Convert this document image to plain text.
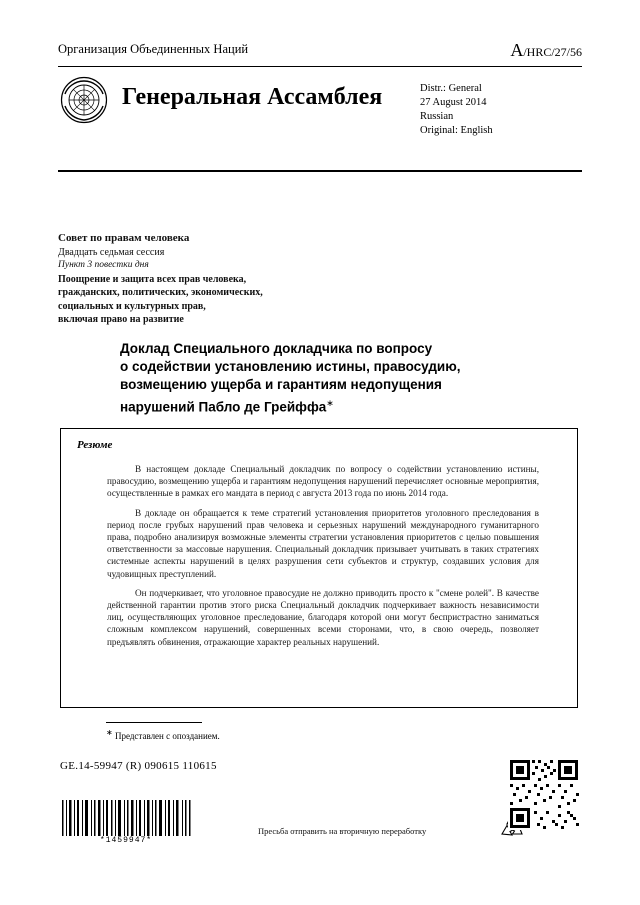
Организация Объединенных Наций	A/HRC/27/56
Генеральная Ассамблея	Distr.: General
27 August 2014
Russian
Original: English
Совет по правам человека
Двадцать седьмая сессия
Пункт 3 повестки дня
Поощрение и защита всех прав человека,
гражданских, политических, экономических,
социальных и культурных прав,
включая право на развитие
Доклад Специального докладчика по вопросу
о содействии установлению истины, правосудию,
возмещению ущерба и гарантиям недопущения
нарушений Пабло де Грейффа∗
Резюме

В настоящем докладе Специальный докладчик по вопросу о содействии установлению истины, правосудию, возмещению ущерба и гарантиям недопущения нарушений перечисляет основные мероприятия, осуществленные в рамках его мандата в период с августа 2013 года по июнь 2014 года.

В докладе он обращается к теме стратегий установления приоритетов уголовного преследования в период после грубых нарушений прав человека и серьезных нарушений международного гуманитарного права, подробно анализируя возможные элементы стратегии установления приоритетов с целью повышения ответственности за массовые нарушения. Специальный докладчик призывает учитывать в таких стратегиях системные аспекты нарушений в целях разрушения сети субъектов и структур, создавших условия для чудовищных преступлений.

Он подчеркивает, что уголовное правосудие не должно приводить просто к "смене ролей". В качестве действенной гарантии против этого риска Специальный докладчик подчеркивает важность независимости лиц, осуществляющих уголовное преследование, благодаря которой они могут беспристрастно заниматься сложным комплексом нарушений, совершенных всеми сторонами, что, в свою очередь, позволяет предъявлять обвинения, отражающие характер реальных нарушений.

∗ Представлен с опозданием.
GE.14-59947 (R) 090615 110615
*1459947*
Пресьба отправить на вторичную переработку
